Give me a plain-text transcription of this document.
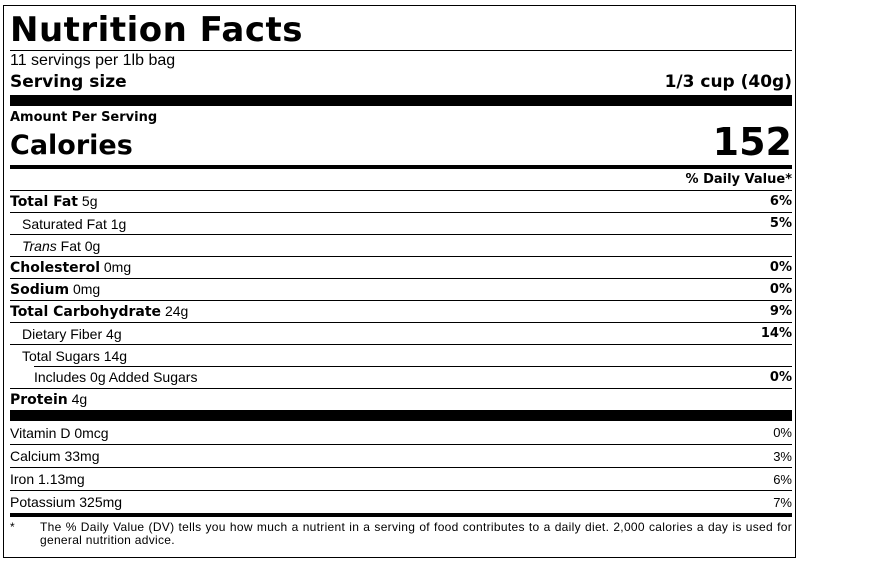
Nutrition Facts
11 servings per 1lb bag
Serving size	1/3 cup (40g)
Amount Per Serving
Calories	152
% Daily Value*
Total Fat 5g	6%
Saturated Fat 1g	5%
Trans Fat 0g
Cholesterol 0mg	0%
Sodium 0mg	0%
Total Carbohydrate 24g	9%
Dietary Fiber 4g	14%
Total Sugars 14g
Includes 0g Added Sugars	0%
Protein 4g
Vitamin D 0mcg	0%
Calcium 33mg	3%
Iron 1.13mg	6%
Potassium 325mg	7%
*	The % Daily Value (DV) tells you how much a nutrient in a serving of food contributes to a daily diet. 2,000 calories a day is used for general nutrition advice.
